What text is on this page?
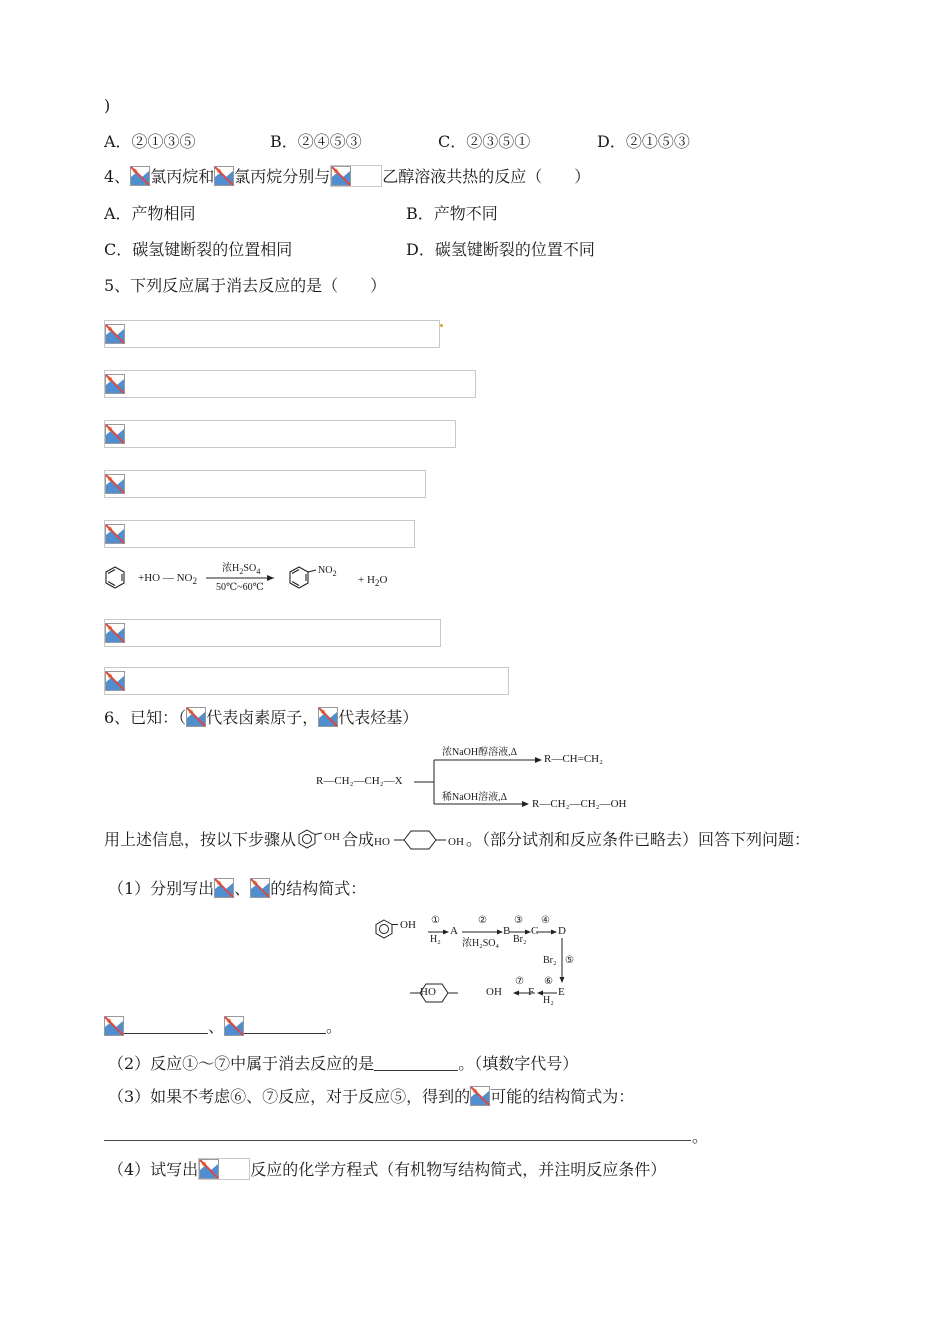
)
A．②①③⑤	B．②④⑤③	C．②③⑤①	D．②①⑤③
4、 氯丙烷和 氯丙烷分别与	乙醇溶液共热的反应（　　）
A．产物相同	B．产物不同
C．碳氢键断裂的位置相同	D．碳氢键断裂的位置不同
5、下列反应属于消去反应的是（　　）
+HO — $NO_2$
浓$H_2SO_4$
50℃~60℃
$NO_2$
+ $H_2O$
6、已知：（ 代表卤素原子， 代表烃基）
R—CH₂—CH₂—X
浓NaOH醇溶液,Δ
R—CH=CH₂
稀NaOH溶液,Δ
R—CH₂—CH₂—OH
用上述信息，按以下步骤从	OH 合成 HO	OH 。（部分试剂和反应条件已略去）回答下列问题：
（1）分别写出 、 的结构简式：
OH ①
H₂
A
②
浓H₂SO₄
B
③
Br₂
C
④
D
Br₂ ⑤
E
⑥
H₂
F
⑦
HO	OH
、	。
（2）反应①～⑦中属于消去反应的是	。（填数字代号）
（3）如果不考虑⑥、⑦反应，对于反应⑤，得到的 可能的结构简式为：
。
（4）试写出	反应的化学方程式（有机物写结构简式，并注明反应条件）
